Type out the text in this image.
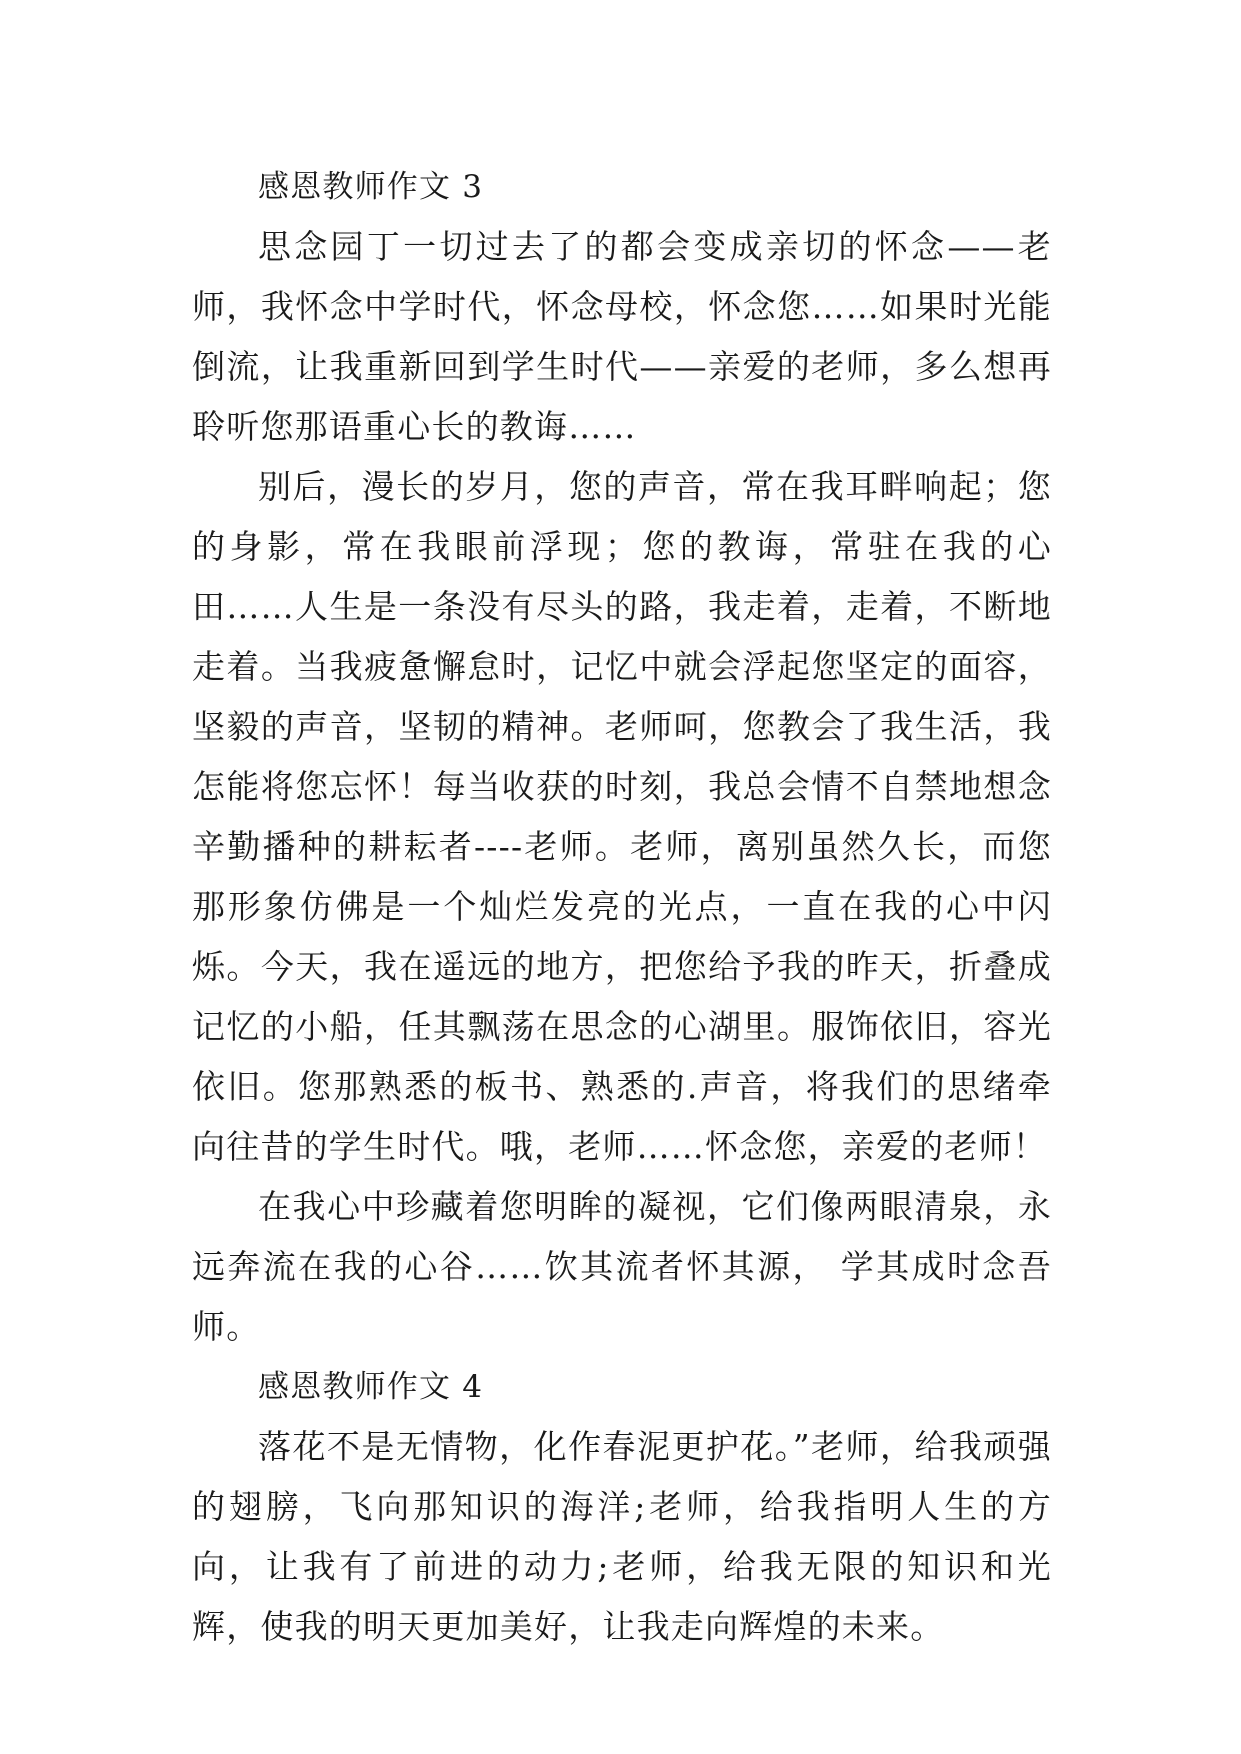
感恩教师作文 3

思念园丁一切过去了的都会变成亲切的怀念——老师，我怀念中学时代，怀念母校，怀念您……如果时光能倒流，让我重新回到学生时代——亲爱的老师，多么想再聆听您那语重心长的教诲……

别后，漫长的岁月，您的声音，常在我耳畔响起；您的身影，常在我眼前浮现；您的教诲，常驻在我的心田……人生是一条没有尽头的路，我走着，走着，不断地走着。当我疲惫懈怠时，记忆中就会浮起您坚定的面容，坚毅的声音，坚韧的精神。老师呵，您教会了我生活，我怎能将您忘怀！每当收获的时刻，我总会情不自禁地想念辛勤播种的耕耘者----老师。老师，离别虽然久长，而您那形象仿佛是一个灿烂发亮的光点，一直在我的心中闪烁。今天，我在遥远的地方，把您给予我的昨天，折叠成记忆的小船，任其飘荡在思念的心湖里。服饰依旧，容光依旧。您那熟悉的板书、熟悉的.声音，将我们的思绪牵向往昔的学生时代。哦，老师……怀念您，亲爱的老师！

在我心中珍藏着您明眸的凝视，它们像两眼清泉，永远奔流在我的心谷……饮其流者怀其源， 学其成时念吾师。

感恩教师作文 4

落花不是无情物，化作春泥更护花。”老师，给我顽强的翅膀，飞向那知识的海洋;老师，给我指明人生的方向，让我有了前进的动力;老师，给我无限的知识和光辉，使我的明天更加美好，让我走向辉煌的未来。
